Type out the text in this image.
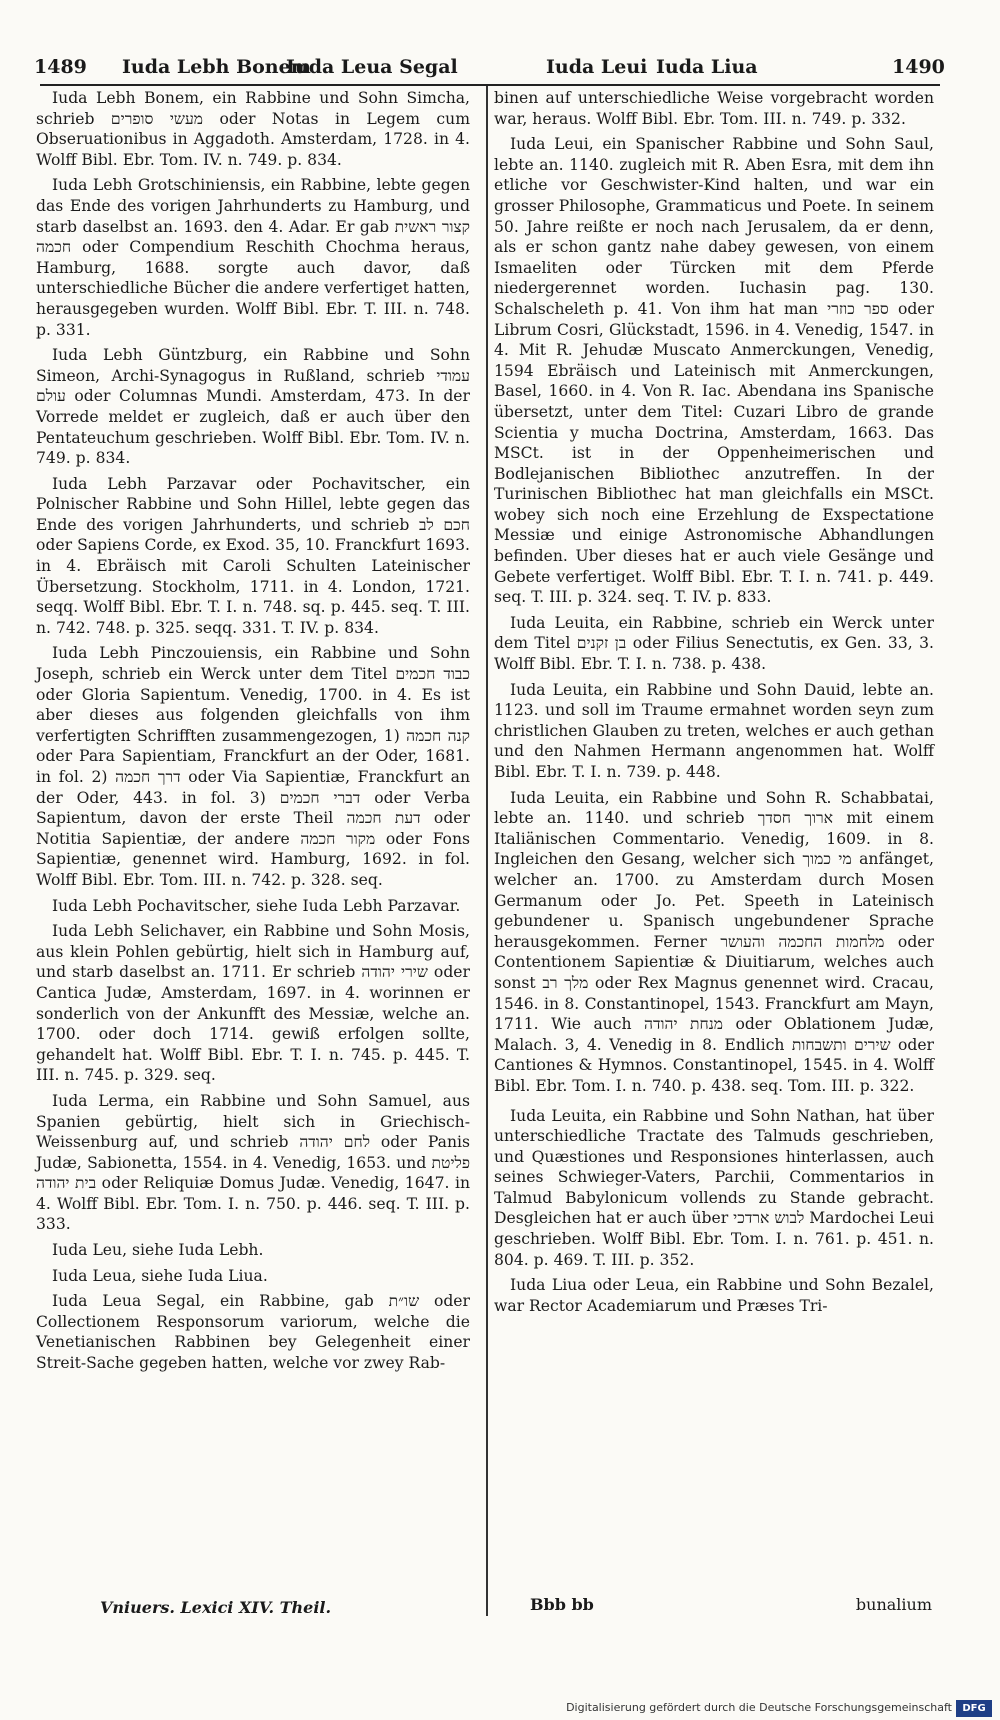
1489 Iuda Lebh Bonem
Iuda Leua Segal	Iuda Leui Iuda Liua	1490

Iuda Lebh Bonem, ein Rabbine und Sohn Simcha, schrieb מעשי סופרים oder Notas in Legem cum Obseruationibus in Aggadoth. Amsterdam, 1728. in 4. Wolff Bibl. Ebr. Tom. IV. n. 749. p. 834.

Iuda Lebh Grotschiniensis, ein Rabbine, lebte gegen das Ende des vorigen Jahrhunderts zu Hamburg, und starb daselbst an. 1693. den 4. Adar. Er gab קצור ראשית חכמה oder Compendium Reschith Chochma heraus, Hamburg, 1688. sorgte auch davor, daß unterschiedliche Bücher die andere verfertiget hatten, herausgegeben wurden. Wolff Bibl. Ebr. T. III. n. 748. p. 331.

Iuda Lebh Güntzburg, ein Rabbine und Sohn Simeon, Archi-Synagogus in Rußland, schrieb עמודי עולם oder Columnas Mundi. Amsterdam, 473. In der Vorrede meldet er zugleich, daß er auch über den Pentateuchum geschrieben. Wolff Bibl. Ebr. Tom. IV. n. 749. p. 834.

Iuda Lebh Parzavar oder Pochavitscher, ein Polnischer Rabbine und Sohn Hillel, lebte gegen das Ende des vorigen Jahrhunderts, und schrieb חכם לב oder Sapiens Corde, ex Exod. 35, 10. Franckfurt 1693. in 4. Ebräisch mit Caroli Schulten Lateinischer Übersetzung. Stockholm, 1711. in 4. London, 1721. seqq. Wolff Bibl. Ebr. T. I. n. 748. sq. p. 445. seq. T. III. n. 742. 748. p. 325. seqq. 331. T. IV. p. 834.

Iuda Lebh Pinczouiensis, ein Rabbine und Sohn Joseph, schrieb ein Werck unter dem Titel כבוד חכמים oder Gloria Sapientum. Venedig, 1700. in 4. Es ist aber dieses aus folgenden gleichfalls von ihm verfertigten Schrifften zusammengezogen, 1) קנה חכמה oder Para Sapientiam, Franckfurt an der Oder, 1681. in fol. 2) דרך חכמה oder Via Sapientiæ, Franckfurt an der Oder, 443. in fol. 3) דברי חכמים oder Verba Sapientum, davon der erste Theil דעת חכמה oder Notitia Sapientiæ, der andere מקור חכמה oder Fons Sapientiæ, genennet wird. Hamburg, 1692. in fol. Wolff Bibl. Ebr. Tom. III. n. 742. p. 328. seq.

Iuda Lebh Pochavitscher, siehe Iuda Lebh Parzavar.

Iuda Lebh Selichaver, ein Rabbine und Sohn Mosis, aus klein Pohlen gebürtig, hielt sich in Hamburg auf, und starb daselbst an. 1711. Er schrieb שירי יהודה oder Cantica Judæ, Amsterdam, 1697. in 4. worinnen er sonderlich von der Ankunfft des Messiæ, welche an. 1700. oder doch 1714. gewiß erfolgen sollte, gehandelt hat. Wolff Bibl. Ebr. T. I. n. 745. p. 445. T. III. n. 745. p. 329. seq.

Iuda Lerma, ein Rabbine und Sohn Samuel, aus Spanien gebürtig, hielt sich in Griechisch-Weissenburg auf, und schrieb לחם יהודה oder Panis Judæ, Sabionetta, 1554. in 4. Venedig, 1653. und פליטת בית יהודה oder Reliquiæ Domus Judæ. Venedig, 1647. in 4. Wolff Bibl. Ebr. Tom. I. n. 750. p. 446. seq. T. III. p. 333.

Iuda Leu, siehe Iuda Lebh.

Iuda Leua, siehe Iuda Liua.

Iuda Leua Segal, ein Rabbine, gab שו״ת oder Collectionem Responsorum variorum, welche die Venetianischen Rabbinen bey Gelegenheit einer Streit-Sache gegeben hatten, welche vor zwey Rab-

binen auf unterschiedliche Weise vorgebracht worden war, heraus. Wolff Bibl. Ebr. Tom. III. n. 749. p. 332.

Iuda Leui, ein Spanischer Rabbine und Sohn Saul, lebte an. 1140. zugleich mit R. Aben Esra, mit dem ihn etliche vor Geschwister-Kind halten, und war ein grosser Philosophe, Grammaticus und Poete. In seinem 50. Jahre reißte er noch nach Jerusalem, da er denn, als er schon gantz nahe dabey gewesen, von einem Ismaeliten oder Türcken mit dem Pferde niedergerennet worden. Iuchasin pag. 130. Schalscheleth p. 41. Von ihm hat man ספר כוזרי oder Librum Cosri, Glückstadt, 1596. in 4. Venedig, 1547. in 4. Mit R. Jehudæ Muscato Anmerckungen, Venedig, 1594 Ebräisch und Lateinisch mit Anmerckungen, Basel, 1660. in 4. Von R. Iac. Abendana ins Spanische übersetzt, unter dem Titel: Cuzari Libro de grande Scientia y mucha Doctrina, Amsterdam, 1663. Das MSCt. ist in der Oppenheimerischen und Bodlejanischen Bibliothec anzutreffen. In der Turinischen Bibliothec hat man gleichfalls ein MSCt. wobey sich noch eine Erzehlung de Exspectatione Messiæ und einige Astronomische Abhandlungen befinden. Uber dieses hat er auch viele Gesänge und Gebete verfertiget. Wolff Bibl. Ebr. T. I. n. 741. p. 449. seq. T. III. p. 324. seq. T. IV. p. 833.

Iuda Leuita, ein Rabbine, schrieb ein Werck unter dem Titel בן זקנים oder Filius Senectutis, ex Gen. 33, 3. Wolff Bibl. Ebr. T. I. n. 738. p. 438.

Iuda Leuita, ein Rabbine und Sohn Dauid, lebte an. 1123. und soll im Traume ermahnet worden seyn zum christlichen Glauben zu treten, welches er auch gethan und den Nahmen Hermann angenommen hat. Wolff Bibl. Ebr. T. I. n. 739. p. 448.

Iuda Leuita, ein Rabbine und Sohn R. Schabbatai, lebte an. 1140. und schrieb ארוך חסדך mit einem Italiänischen Commentario. Venedig, 1609. in 8. Ingleichen den Gesang, welcher sich מי כמוך anfänget, welcher an. 1700. zu Amsterdam durch Mosen Germanum oder Jo. Pet. Speeth in Lateinisch gebundener u. Spanisch ungebundener Sprache herausgekommen. Ferner מלחמות החכמה והעושר oder Contentionem Sapientiæ & Diuitiarum, welches auch sonst מלך רב oder Rex Magnus genennet wird. Cracau, 1546. in 8. Constantinopel, 1543. Franckfurt am Mayn, 1711. Wie auch מנחת יהודה oder Oblationem Judæ, Malach. 3, 4. Venedig in 8. Endlich שירים ותשבחות oder Cantiones & Hymnos. Constantinopel, 1545. in 4. Wolff Bibl. Ebr. Tom. I. n. 740. p. 438. seq. Tom. III. p. 322.

Iuda Leuita, ein Rabbine und Sohn Nathan, hat über unterschiedliche Tractate des Talmuds geschrieben, und Quæstiones und Responsiones hinterlassen, auch seines Schwieger-Vaters, Parchii, Commentarios in Talmud Babylonicum vollends zu Stande gebracht. Desgleichen hat er auch über לבוש ארדכי Mardochei Leui geschrieben. Wolff Bibl. Ebr. Tom. I. n. 761. p. 451. n. 804. p. 469. T. III. p. 352.

Iuda Liua oder Leua, ein Rabbine und Sohn Bezalel, war Rector Academiarum und Præses Tri-

Vniuers. Lexici XIV. Theil.	Bbb bb	bunalium
Digitalisierung gefördert durch die Deutsche Forschungsgemeinschaft	DFG
